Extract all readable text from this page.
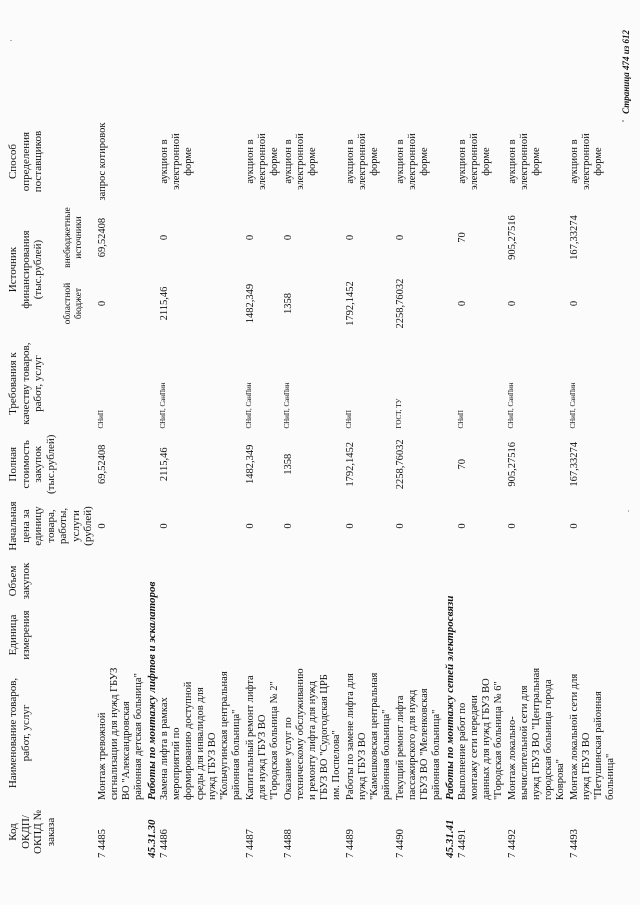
Код ОКДП/ ОКПД № заказа	Наименование товаров, работ, услуг	Единица измерения	Объем закупок	Начальная цена за единицу товара, работы, услуги (рублей)	Полная стоимость закупок (тыс.рублей)	Требования к качеству товаров, работ, услуг	Источник финансирования (тыс.рублей)		Способ определения поставщиков
							областной бюджет	внебюджетные источники	
7 4485	Монтаж тревожной сигнализации для нужд ГБУЗ ВО "Александровская районная детская больница"			0	69,52408	СНиП	0	69,52408	запрос котировок
45.31.30	Работы по монтажу лифтов и эскалаторов								
7 4486	Замена лифта в рамках мероприятий по формированию доступной среды для инвалидов для нужд ГБУЗ ВО "Кольчугинская центральная районная больница"			0	2115,46	СНиП, СанПин	2115,46	0	аукцион в электронной форме
7 4487	Капитальный ремонт лифта для нужд ГБУЗ ВО "Городская больница № 2"			0	1482,349	СНиП, СанПин	1482,349	0	аукцион в электронной форме
7 4488	Оказание услуг по техническому обслуживанию и ремонту лифта для нужд ГБУЗ ВО "Судогодская ЦРБ им. Поспелова"			0	1358	СНиП, СанПин	1358	0	аукцион в электронной форме
7 4489	Работы по замене лифта для нужд ГБУЗ ВО "Камешковская центральная районная больница"			0	1792,1452	СНиП	1792,1452	0	аукцион в электронной форме
7 4490	Текущий ремонт лифта пассажирского для нужд ГБУЗ ВО "Меленковская районная больница"			0	2258,76032	ГОСТ, ТУ	2258,76032	0	аукцион в электронной форме
45.31.41	Работы по монтажу сетей электросвязи								
7 4491	Выполнение работ по монтажу сети передачи данных для нужд ГБУЗ ВО "Городская больница № 6"			0	70	СНиП	0	70	аукцион в электронной форме
7 4492	Монтаж локально-вычислительной сети для нужд ГБУЗ ВО "Центральная городская больница города Коврова"			0	905,27516	СНиП, СанПин	0	905,27516	аукцион в электронной форме
7 4493	Монтаж локальной сети для нужд ГБУЗ ВО "Петушинская районная больница"			0	167,33274	СНиП, СанПин	0	167,33274	аукцион в электронной форме
Страница 474 из 612
